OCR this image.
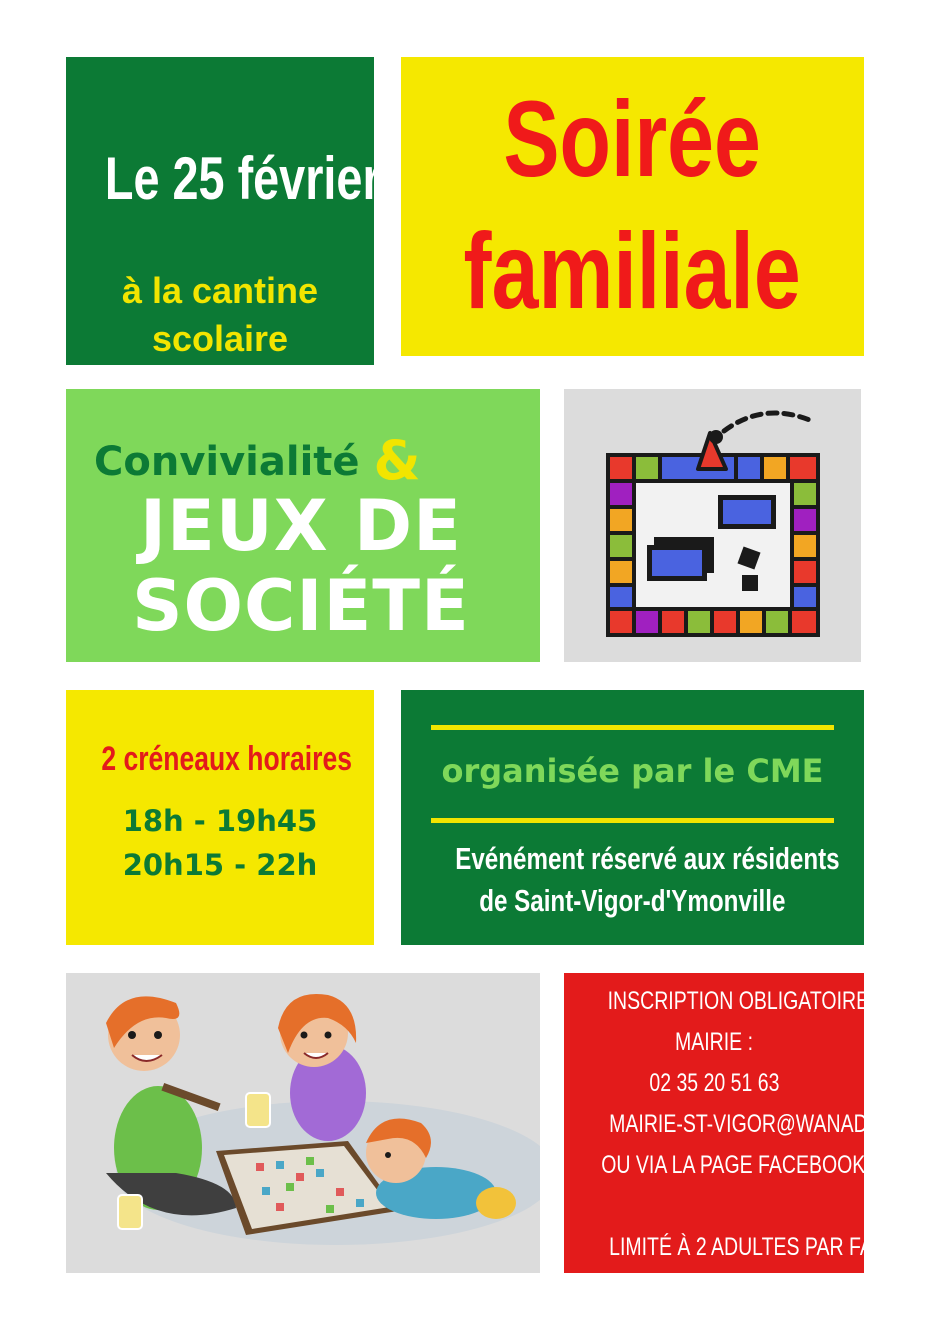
Le 25 février
à la cantine
scolaire
Soirée
familiale
Convivialité &
JEUX DE
SOCIÉTÉ
2 créneaux horaires
18h - 19h45
20h15 - 22h
organisée par le CME
Evénément réservé aux résidents
de Saint-Vigor-d'Ymonville
INSCRIPTION OBLIGATOIRE À LA
MAIRIE :
02 35 20 51 63
MAIRIE-ST-VIGOR@WANADOO.FR
OU VIA LA PAGE FACEBOOK
LIMITÉ À 2 ADULTES PAR FAMILLE
